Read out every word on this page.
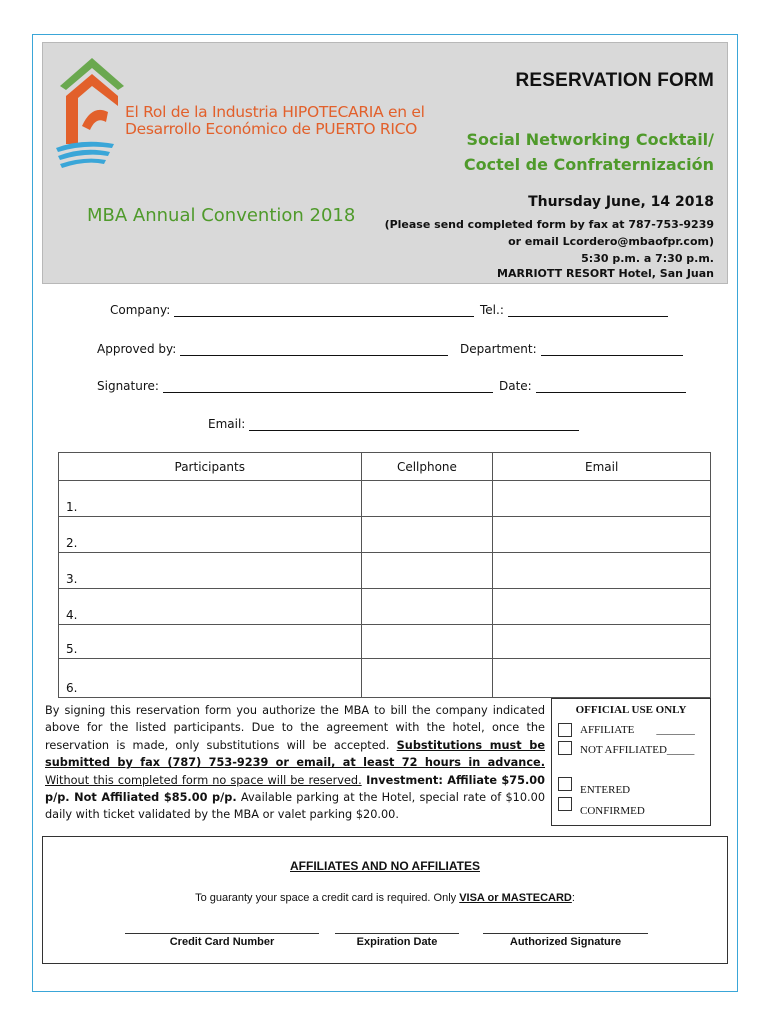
El Rol de la Industria HIPOTECARIA en el
Desarrollo Económico de PUERTO RICO
RESERVATION FORM
Social Networking Cocktail/
Coctel de Confraternización
MBA Annual Convention 2018
Thursday June, 14 2018
(Please send completed form by fax at 787-753-9239
or email Lcordero@mbaofpr.com)
5:30 p.m. a 7:30 p.m.
MARRIOTT RESORT Hotel, San Juan
Company:	Tel.:
Approved by:	Department:
Signature:	Date:
Email:
Participants	Cellphone	Email
1.		
2.		
3.		
4.		
5.		
6.		
By signing this reservation form you authorize the MBA to bill the company indicated above for the listed participants. Due to the agreement with the hotel, once the reservation is made, only substitutions will be accepted. Substitutions must be submitted by fax (787) 753-9239 or email, at least 72 hours in advance. Without this completed form no space will be reserved. Investment: Affiliate $75.00 p/p. Not Affiliated $85.00 p/p. Available parking at the Hotel, special rate of $10.00 daily with ticket validated by the MBA or valet parking $20.00.
OFFICIAL USE ONLY
AFFILIATE _______
NOT AFFILIATED_____
ENTERED
CONFIRMED
AFFILIATES AND NO AFFILIATES
To guaranty your space a credit card is required. Only VISA or MASTECARD:
Credit Card Number	Expiration Date	Authorized Signature
